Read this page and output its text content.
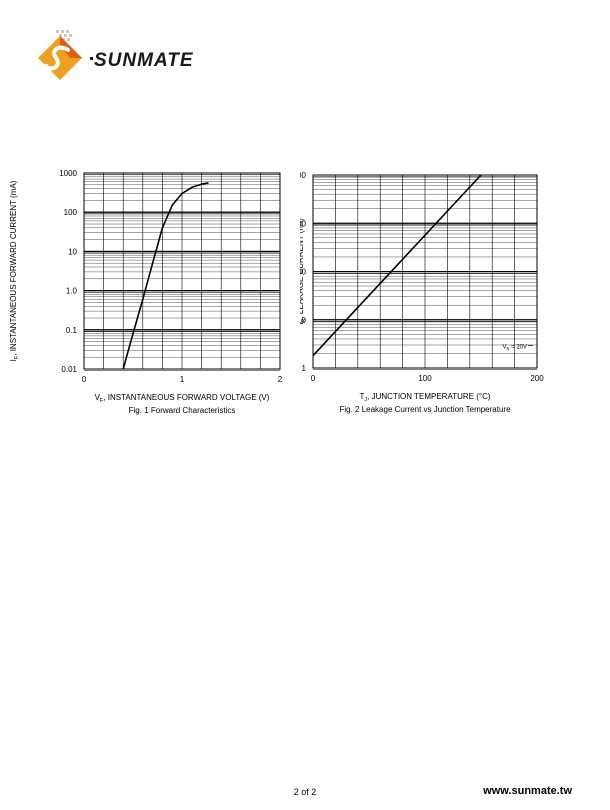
SUNMATE
1000
100
10
1.0
0.1
0.01
0	1	2
$V_F$, INSTANTANEOUS FORWARD VOLTAGE (V)
$I_F$, INSTANTANEOUS FORWARD CURRENT (mA)
Fig. 1 Forward Characteristics
0
0
0
0
1
0	100	200
$T_J$, JUNCTION TEMPERATURE (°C)
$_R$ LEAKAGE CURRENT (nA)
Fig. 2 Leakage Current vs Junction Temperature
$V_R = 20V$
2 of 2	www.sunmate.tw
